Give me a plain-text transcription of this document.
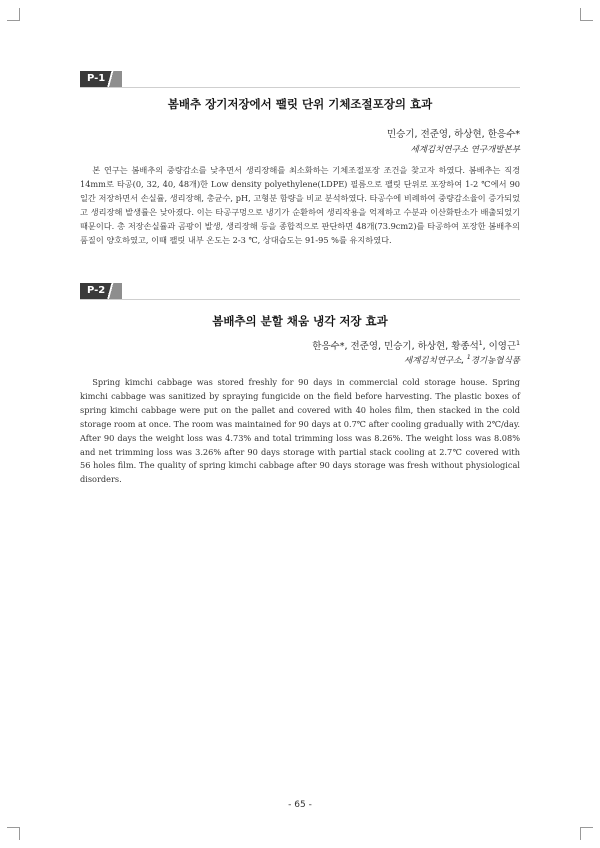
P-1
봄배추 장기저장에서 팰릿 단위 기체조절포장의 효과
민승기, 전준영, 하상현, 한응수*
세계김치연구소 연구개발본부

본 연구는 봄배추의 중량감소를 낮추면서 생리장해를 최소화하는 기체조절포장 조건을 찾고자 하였다. 봄배추는 직경 14mm로 타공(0, 32, 40, 48개)한 Low density polyethylene(LDPE) 필름으로 팰릿 단위로 포장하여 1-2 ℃에서 90일간 저장하면서 손실률, 생리장해, 총균수, pH, 고형분 함량을 비교 분석하였다. 타공수에 비례하여 중량감소율이 증가되었고 생리장해 발생률은 낮아졌다. 이는 타공구멍으로 냉기가 순환하여 생리작용을 억제하고 수분과 이산화탄소가 배출되었기 때문이다. 총 저장손실률과 곰팡이 발생, 생리장해 등을 종합적으로 판단하면 48개(73.9cm2)를 타공하여 포장한 봄배추의 품질이 양호하였고, 이때 팰릿 내부 온도는 2-3 ℃, 상대습도는 91-95 %를 유지하였다.

P-2
봄배추의 분할 채움 냉각 저장 효과
한응수*, 전준영, 민승기, 하상현, 황종석$^1$, 이영근$^1$
세계김치연구소, $^1$경기농협식품

Spring kimchi cabbage was stored freshly for 90 days in commercial cold storage house. Spring kimchi cabbage was sanitized by spraying fungicide on the field before harvesting. The plastic boxes of spring kimchi cabbage were put on the pallet and covered with 40 holes film, then stacked in the cold storage room at once. The room was maintained for 90 days at 0.7℃ after cooling gradually with 2℃/day. After 90 days the weight loss was 4.73% and total trimming loss was 8.26%. The weight loss was 8.08% and net trimming loss was 3.26% after 90 days storage with partial stack cooling at 2.7℃ covered with 56 holes film. The quality of spring kimchi cabbage after 90 days storage was fresh without physiological disorders.

- 65 -
